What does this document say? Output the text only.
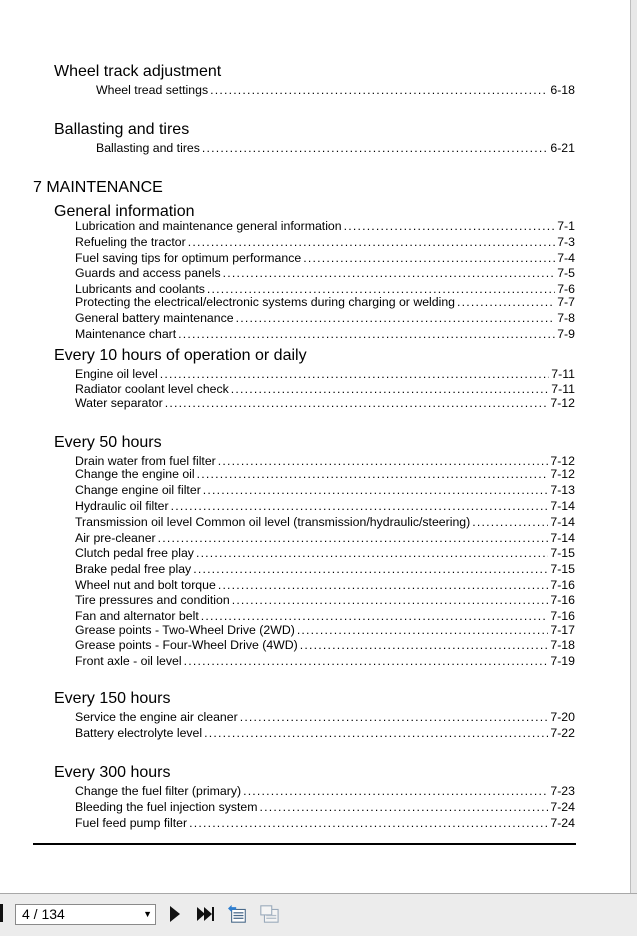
Wheel track adjustment
Wheel tread settings .....	6-18
Ballasting and tires
Ballasting and tires .....	6-21
7 MAINTENANCE
General information
Lubrication and maintenance general information .....	7-1
Refueling the tractor .....	7-3
Fuel saving tips for optimum performance .....	7-4
Guards and access panels .....	7-5
Lubricants and coolants .....	7-6
Protecting the electrical/electronic systems during charging or welding .....	7-7
General battery maintenance .....	7-8
Maintenance chart .....	7-9
Every 10 hours of operation or daily
Engine oil level .....	7-11
Radiator coolant level check .....	7-11
Water separator .....	7-12
Every 50 hours
Drain water from fuel filter .....	7-12
Change the engine oil .....	7-12
Change engine oil filter .....	7-13
Hydraulic oil filter .....	7-14
Transmission oil level Common oil level (transmission/hydraulic/steering) .....	7-14
Air pre-cleaner .....	7-14
Clutch pedal free play .....	7-15
Brake pedal free play .....	7-15
Wheel nut and bolt torque .....	7-16
Tire pressures and condition .....	7-16
Fan and alternator belt .....	7-16
Grease points - Two-Wheel Drive (2WD) .....	7-17
Grease points - Four-Wheel Drive (4WD) .....	7-18
Front axle - oil level .....	7-19
Every 150 hours
Service the engine air cleaner .....	7-20
Battery electrolyte level .....	7-22
Every 300 hours
Change the fuel filter (primary) .....	7-23
Bleeding the fuel injection system .....	7-24
Fuel feed pump filter .....	7-24
4 / 134	▼
